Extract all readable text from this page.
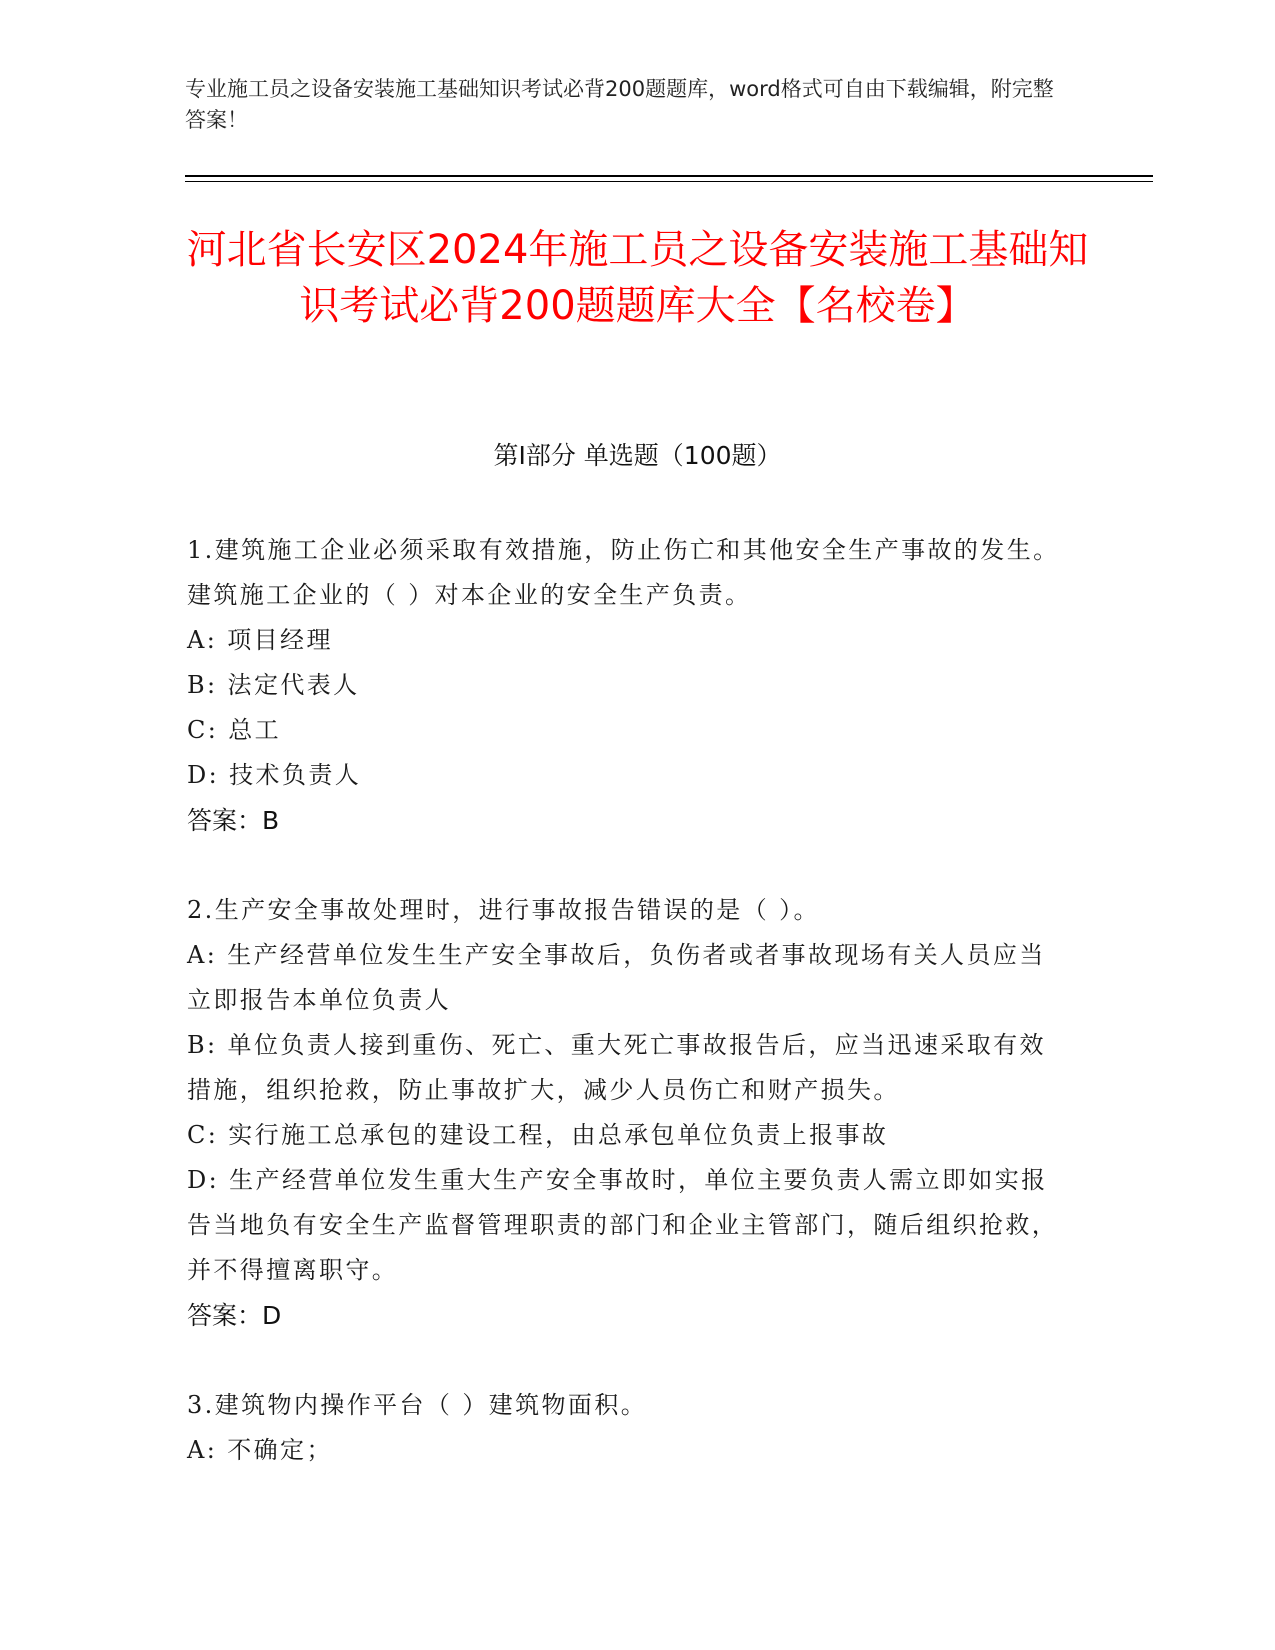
专业施工员之设备安装施工基础知识考试必背200题题库，word格式可自由下载编辑，附完整答案！
河北省长安区2024年施工员之设备安装施工基础知识考试必背200题题库大全【名校卷】
第I部分 单选题（100题）
1.建筑施工企业必须采取有效措施，防止伤亡和其他安全生产事故的发生。建筑施工企业的（ ）对本企业的安全生产负责。
A: 项目经理
B: 法定代表人
C: 总工
D: 技术负责人
答案：B
2.生产安全事故处理时，进行事故报告错误的是（ ）。
A: 生产经营单位发生生产安全事故后，负伤者或者事故现场有关人员应当立即报告本单位负责人
B: 单位负责人接到重伤、死亡、重大死亡事故报告后，应当迅速采取有效措施，组织抢救，防止事故扩大，减少人员伤亡和财产损失。
C: 实行施工总承包的建设工程，由总承包单位负责上报事故
D: 生产经营单位发生重大生产安全事故时，单位主要负责人需立即如实报告当地负有安全生产监督管理职责的部门和企业主管部门，随后组织抢救，并不得擅离职守。
答案：D
3.建筑物内操作平台（ ）建筑物面积。
A: 不确定；
